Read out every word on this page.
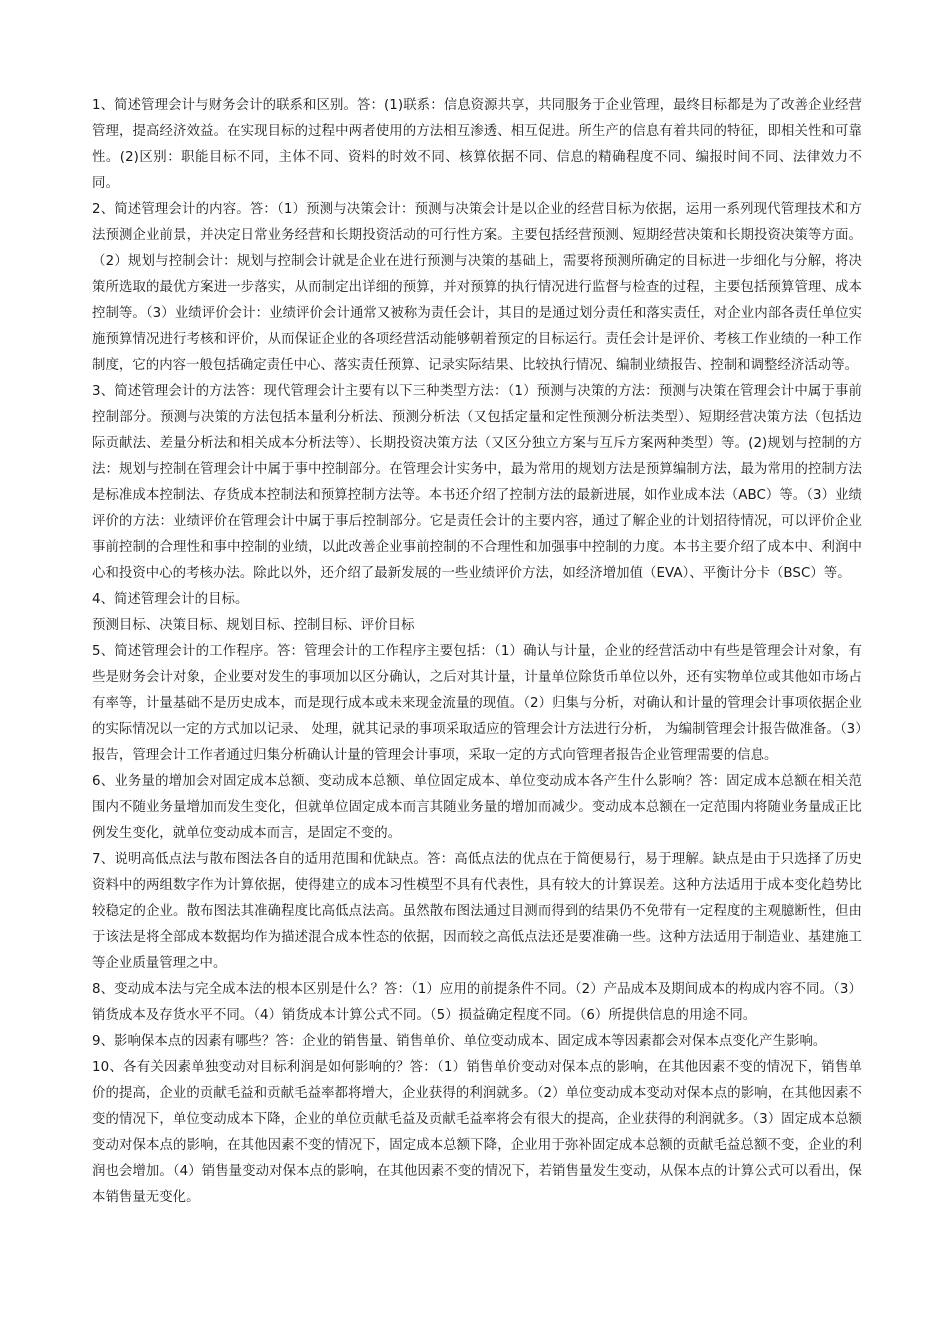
1、简述管理会计与财务会计的联系和区别。答：(1)联系：信息资源共享，共同服务于企业管理，最终目标都是为了改善企业经营管理，提高经济效益。在实现目标的过程中两者使用的方法相互渗透、相互促进。所生产的信息有着共同的特征，即相关性和可靠性。(2)区别：职能目标不同，主体不同、资料的时效不同、核算依据不同、信息的精确程度不同、编报时间不同、法律效力不同。

2、简述管理会计的内容。答：（1）预测与决策会计：预测与决策会计是以企业的经营目标为依据，运用一系列现代管理技术和方法预测企业前景，并决定日常业务经营和长期投资活动的可行性方案。主要包括经营预测、短期经营决策和长期投资决策等方面。（2）规划与控制会计：规划与控制会计就是企业在进行预测与决策的基础上，需要将预测所确定的目标进一步细化与分解，将决策所选取的最优方案进一步落实，从而制定出详细的预算，并对预算的执行情况进行监督与检查的过程，主要包括预算管理、成本控制等。（3）业绩评价会计：业绩评价会计通常又被称为责任会计，其目的是通过划分责任和落实责任，对企业内部各责任单位实施预算情况进行考核和评价，从而保证企业的各项经营活动能够朝着预定的目标运行。责任会计是评价、考核工作业绩的一种工作制度，它的内容一般包括确定责任中心、落实责任预算、记录实际结果、比较执行情况、编制业绩报告、控制和调整经济活动等。

3、简述管理会计的方法答：现代管理会计主要有以下三种类型方法：（1）预测与决策的方法：预测与决策在管理会计中属于事前控制部分。预测与决策的方法包括本量利分析法、预测分析法（又包括定量和定性预测分析法类型）、短期经营决策方法（包括边际贡献法、差量分析法和相关成本分析法等）、长期投资决策方法（又区分独立方案与互斥方案两种类型）等。(2)规划与控制的方法：规划与控制在管理会计中属于事中控制部分。在管理会计实务中，最为常用的规划方法是预算编制方法，最为常用的控制方法是标准成本控制法、存货成本控制法和预算控制方法等。本书还介绍了控制方法的最新进展，如作业成本法（ABC）等。（3）业绩评价的方法：业绩评价在管理会计中属于事后控制部分。它是责任会计的主要内容，通过了解企业的计划招待情况，可以评价企业事前控制的合理性和事中控制的业绩，以此改善企业事前控制的不合理性和加强事中控制的力度。本书主要介绍了成本中、利润中心和投资中心的考核办法。除此以外，还介绍了最新发展的一些业绩评价方法，如经济增加值（EVA）、平衡计分卡（BSC）等。

4、简述管理会计的目标。

预测目标、决策目标、规划目标、控制目标、评价目标

5、简述管理会计的工作程序。答：管理会计的工作程序主要包括：（1）确认与计量，企业的经营活动中有些是管理会计对象，有些是财务会计对象，企业要对发生的事项加以区分确认，之后对其计量，计量单位除货币单位以外，还有实物单位或其他如市场占有率等，计量基础不是历史成本，而是现行成本或未来现金流量的现值。（2）归集与分析，对确认和计量的管理会计事项依据企业的实际情况以一定的方式加以记录、 处理，就其记录的事项采取适应的管理会计方法进行分析， 为编制管理会计报告做准备。（3）报告，管理会计工作者通过归集分析确认计量的管理会计事项，采取一定的方式向管理者报告企业管理需要的信息。

6、业务量的增加会对固定成本总额、变动成本总额、单位固定成本、单位变动成本各产生什么影响？答：固定成本总额在相关范围内不随业务量增加而发生变化，但就单位固定成本而言其随业务量的增加而减少。变动成本总额在一定范围内将随业务量成正比例发生变化，就单位变动成本而言，是固定不变的。

7、说明高低点法与散布图法各自的适用范围和优缺点。答：高低点法的优点在于简便易行，易于理解。缺点是由于只选择了历史资料中的两组数字作为计算依据，使得建立的成本习性模型不具有代表性，具有较大的计算误差。这种方法适用于成本变化趋势比较稳定的企业。散布图法其准确程度比高低点法高。虽然散布图法通过目测而得到的结果仍不免带有一定程度的主观臆断性，但由于该法是将全部成本数据均作为描述混合成本性态的依据，因而较之高低点法还是要准确一些。这种方法适用于制造业、基建施工等企业质量管理之中。

8、变动成本法与完全成本法的根本区别是什么？答：（1）应用的前提条件不同。（2）产品成本及期间成本的构成内容不同。（3）销货成本及存货水平不同。（4）销货成本计算公式不同。（5）损益确定程度不同。（6）所提供信息的用途不同。

9、影响保本点的因素有哪些？答：企业的销售量、销售单价、单位变动成本、固定成本等因素都会对保本点变化产生影响。

10、各有关因素单独变动对目标利润是如何影响的？答：（1）销售单价变动对保本点的影响，在其他因素不变的情况下，销售单价的提高，企业的贡献毛益和贡献毛益率都将增大，企业获得的利润就多。（2）单位变动成本变动对保本点的影响，在其他因素不变的情况下，单位变动成本下降，企业的单位贡献毛益及贡献毛益率将会有很大的提高，企业获得的利润就多。（3）固定成本总额变动对保本点的影响，在其他因素不变的情况下，固定成本总额下降，企业用于弥补固定成本总额的贡献毛益总额不变，企业的利润也会增加。（4）销售量变动对保本点的影响，在其他因素不变的情况下，若销售量发生变动，从保本点的计算公式可以看出，保本销售量无变化。
